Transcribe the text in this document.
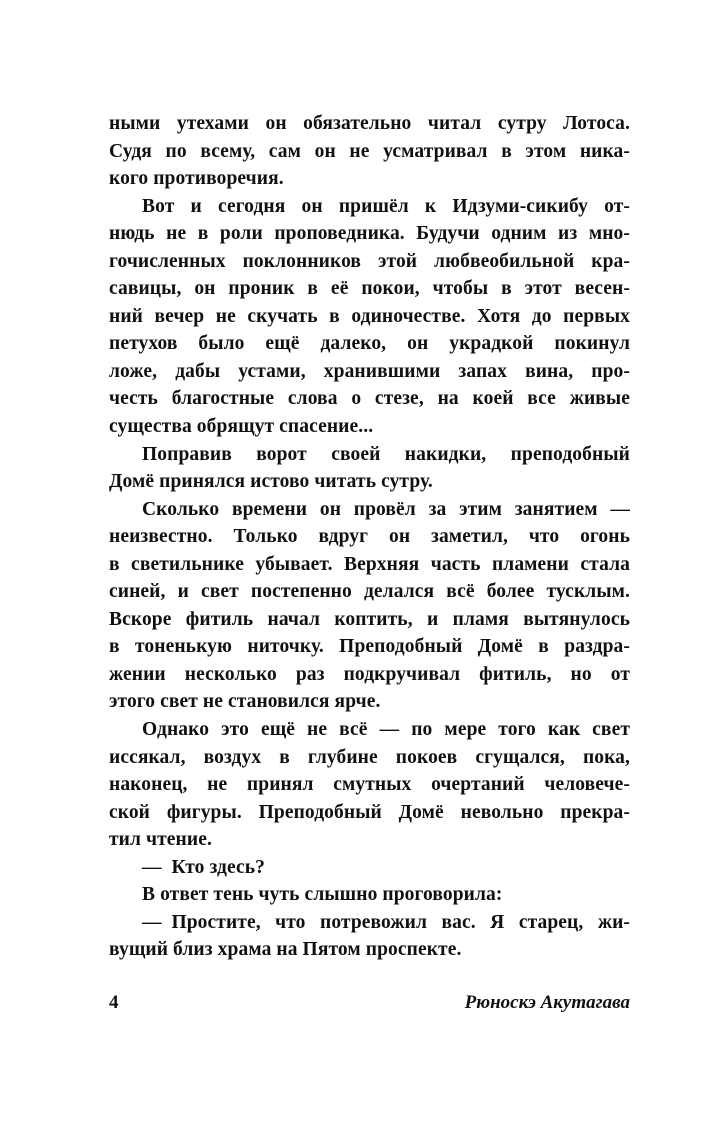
ными утехами он обязательно читал сутру Лотоса.
Судя по всему, сам он не усматривал в этом ника-
кого противоречия.
Вот и сегодня он пришёл к Идзуми-сикибу от-
нюдь не в роли проповедника. Будучи одним из мно-
гочисленных поклонников этой любвеобильной кра-
савицы, он проник в её покои, чтобы в этот весен-
ний вечер не скучать в одиночестве. Хотя до первых
петухов было ещё далеко, он украдкой покинул
ложе, дабы устами, хранившими запах вина, про-
честь благостные слова о стезе, на коей все живые
существа обрящут спасение...
Поправив ворот своей накидки, преподобный
Домё принялся истово читать сутру.
Сколько времени он провёл за этим занятием —
неизвестно. Только вдруг он заметил, что огонь
в светильнике убывает. Верхняя часть пламени стала
синей, и свет постепенно делался всё более тусклым.
Вскоре фитиль начал коптить, и пламя вытянулось
в тоненькую ниточку. Преподобный Домё в раздра-
жении несколько раз подкручивал фитиль, но от
этого свет не становился ярче.
Однако это ещё не всё — по мере того как свет
иссякал, воздух в глубине покоев сгущался, пока,
наконец, не принял смутных очертаний человече-
ской фигуры. Преподобный Домё невольно прекра-
тил чтение.
— Кто здесь?
В ответ тень чуть слышно проговорила:
— Простите, что потревожил вас. Я старец, жи-
вущий близ храма на Пятом проспекте.
4	Рюноскэ Акутагава
